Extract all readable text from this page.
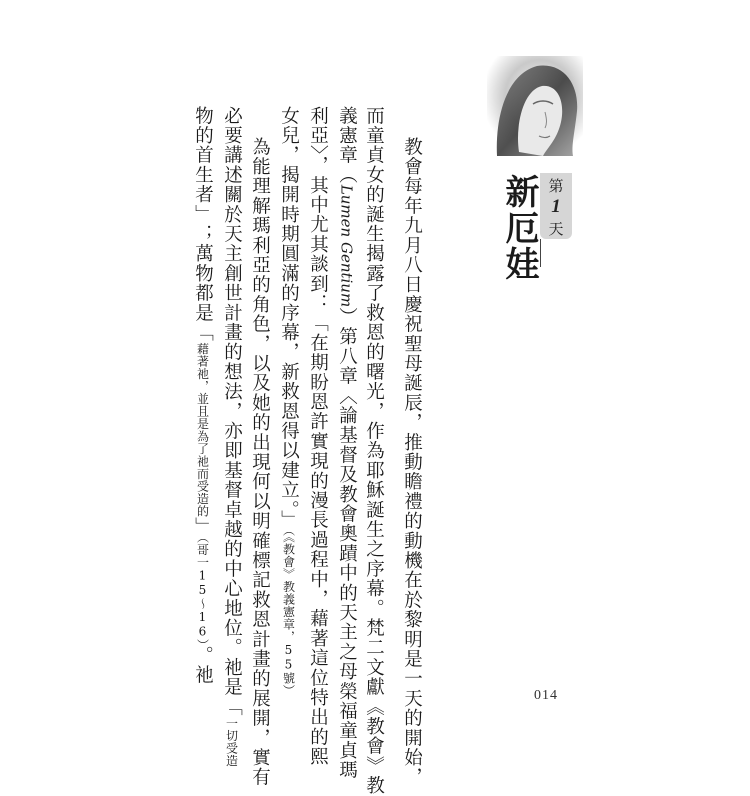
新厄娃 第
1
天
教會每年九月八日慶祝聖母誕辰，推動瞻禮的動機在於黎明是一天的開始，
而童貞女的誕生揭露了救恩的曙光，作為耶穌誕生之序幕。梵二文獻《教會》教
義憲章（Lumen Gentium）第八章〈論基督及教會奧蹟中的天主之母榮福童貞瑪
利亞〉，其中尤其談到：「在期盼恩許實現的漫長過程中，藉著這位特出的熙
女兒，揭開時期圓滿的序幕，新救恩得以建立。」（《教會》教義憲章，55號）
為能理解瑪利亞的角色，以及她的出現何以明確標記救恩計畫的展開，實有
必要講述關於天主創世計畫的想法，亦即基督卓越的中心地位。祂是「一切受造
物的首生者」；萬物都是「藉著祂，並且是為了祂而受造的」（哥一15～16）。祂
014
